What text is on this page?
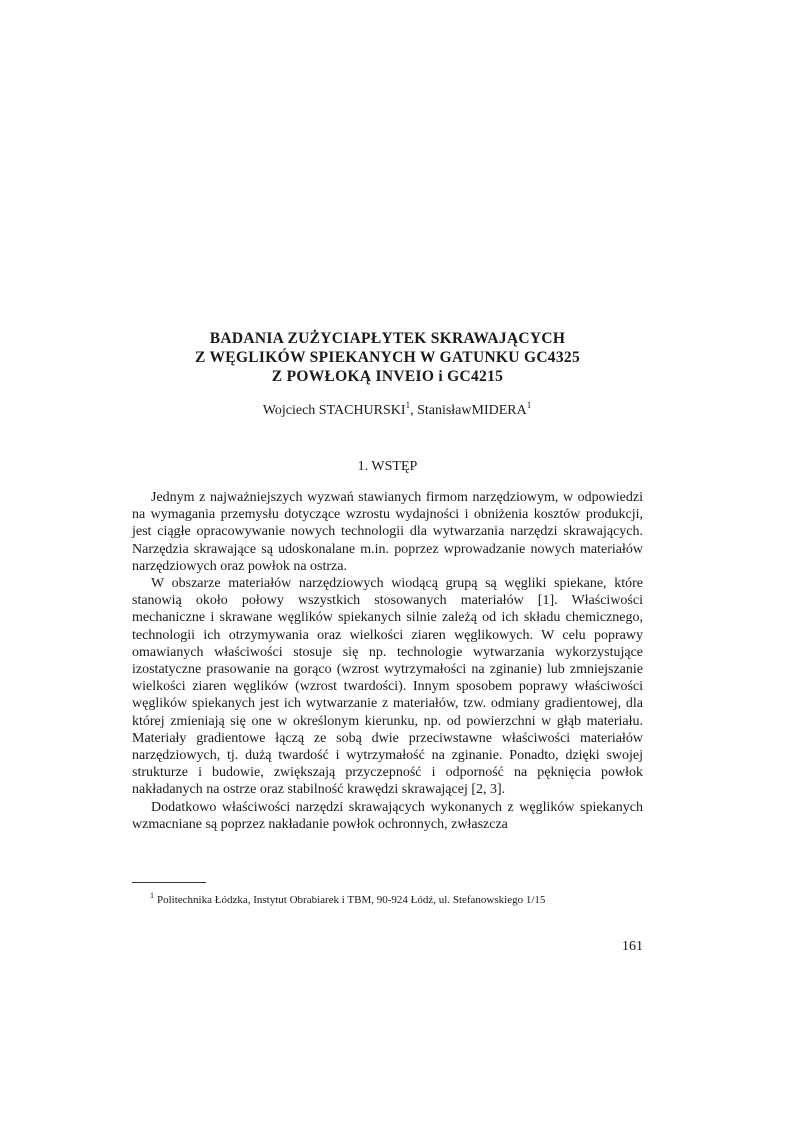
BADANIA ZUŻYCIAPŁYTEK SKRAWAJĄCYCH
Z WĘGLIKÓW SPIEKANYCH W GATUNKU GC4325
Z POWŁOKĄ INVEIO i GC4215
Wojciech STACHURSKI$^1$, StanisławMIDERA$^1$
1. WSTĘP

Jednym z najważniejszych wyzwań stawianych firmom narzędziowym, w odpowiedzi na wymagania przemysłu dotyczące wzrostu wydajności i obniżenia kosztów produkcji, jest ciągłe opracowywanie nowych technologii dla wytwarzania narzędzi skrawających. Narzędzia skrawające są udoskonalane m.in. poprzez wprowadzanie nowych materiałów narzędziowych oraz powłok na ostrza.

W obszarze materiałów narzędziowych wiodącą grupą są węgliki spiekane, które stanowią około połowy wszystkich stosowanych materiałów [1]. Właściwości mechaniczne i skrawane węglików spiekanych silnie zależą od ich składu chemicznego, technologii ich otrzymywania oraz wielkości ziaren węglikowych. W celu poprawy omawianych właściwości stosuje się np. technologie wytwarzania wykorzystujące izostatyczne prasowanie na gorąco (wzrost wytrzymałości na zginanie) lub zmniejszanie wielkości ziaren węglików (wzrost twardości). Innym sposobem poprawy właściwości węglików spiekanych jest ich wytwarzanie z materiałów, tzw. odmiany gradientowej, dla której zmieniają się one w określonym kierunku, np. od powierzchni w głąb materiału. Materiały gradientowe łączą ze sobą dwie przeciwstawne właściwości materiałów narzędziowych, tj. dużą twardość i wytrzymałość na zginanie. Ponadto, dzięki swojej strukturze i budowie, zwiększają przyczepność i odporność na pęknięcia powłok nakładanych na ostrze oraz stabilność krawędzi skrawającej [2, 3].

Dodatkowo właściwości narzędzi skrawających wykonanych z węglików spiekanych wzmacniane są poprzez nakładanie powłok ochronnych, zwłaszcza

$^1$ Politechnika Łódzka, Instytut Obrabiarek i TBM, 90-924 Łódź, ul. Stefanowskiego 1/15
161
